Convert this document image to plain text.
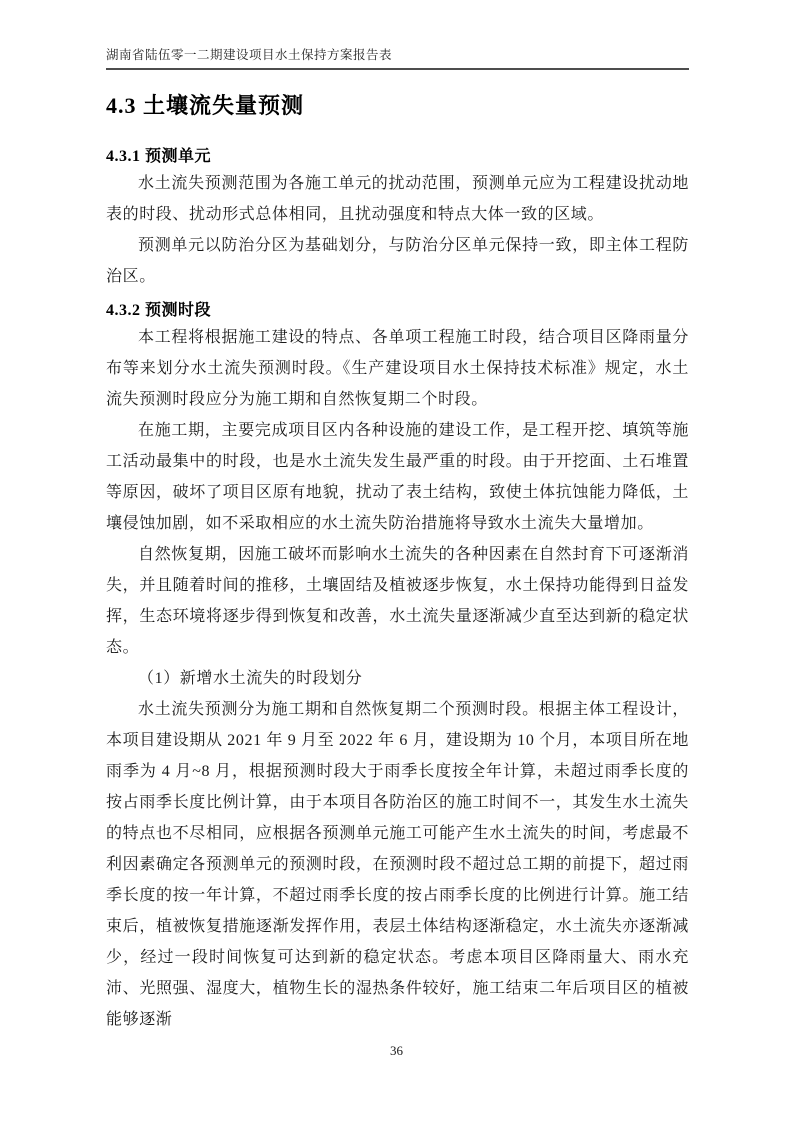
湖南省陆伍零一二期建设项目水土保持方案报告表
4.3 土壤流失量预测
4.3.1 预测单元

水土流失预测范围为各施工单元的扰动范围，预测单元应为工程建设扰动地表的时段、扰动形式总体相同，且扰动强度和特点大体一致的区域。

预测单元以防治分区为基础划分，与防治分区单元保持一致，即主体工程防治区。

4.3.2 预测时段

本工程将根据施工建设的特点、各单项工程施工时段，结合项目区降雨量分布等来划分水土流失预测时段。《生产建设项目水土保持技术标准》规定，水土流失预测时段应分为施工期和自然恢复期二个时段。

在施工期，主要完成项目区内各种设施的建设工作，是工程开挖、填筑等施工活动最集中的时段，也是水土流失发生最严重的时段。由于开挖面、土石堆置等原因，破坏了项目区原有地貌，扰动了表土结构，致使土体抗蚀能力降低，土壤侵蚀加剧，如不采取相应的水土流失防治措施将导致水土流失大量增加。

自然恢复期，因施工破坏而影响水土流失的各种因素在自然封育下可逐渐消失，并且随着时间的推移，土壤固结及植被逐步恢复，水土保持功能得到日益发挥，生态环境将逐步得到恢复和改善，水土流失量逐渐减少直至达到新的稳定状态。

（1）新增水土流失的时段划分

水土流失预测分为施工期和自然恢复期二个预测时段。根据主体工程设计，本项目建设期从 2021 年 9 月至 2022 年 6 月，建设期为 10 个月，本项目所在地雨季为 4 月~8 月，根据预测时段大于雨季长度按全年计算，未超过雨季长度的按占雨季长度比例计算，由于本项目各防治区的施工时间不一，其发生水土流失的特点也不尽相同，应根据各预测单元施工可能产生水土流失的时间，考虑最不利因素确定各预测单元的预测时段，在预测时段不超过总工期的前提下，超过雨季长度的按一年计算，不超过雨季长度的按占雨季长度的比例进行计算。施工结束后，植被恢复措施逐渐发挥作用，表层土体结构逐渐稳定，水土流失亦逐渐减少，经过一段时间恢复可达到新的稳定状态。考虑本项目区降雨量大、雨水充沛、光照强、湿度大，植物生长的湿热条件较好，施工结束二年后项目区的植被能够逐渐

36
